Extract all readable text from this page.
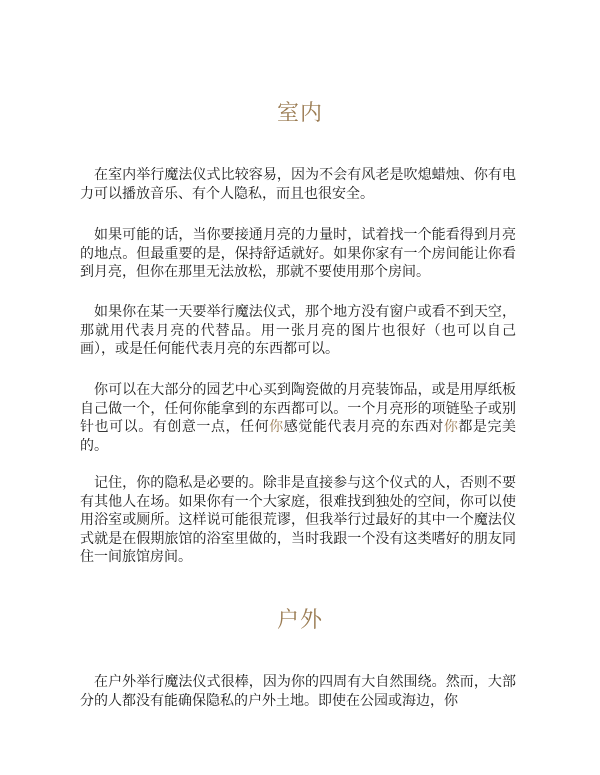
室内

在室内举行魔法仪式比较容易，因为不会有风老是吹熄蜡烛、你有电力可以播放音乐、有个人隐私，而且也很安全。

如果可能的话，当你要接通月亮的力量时，试着找一个能看得到月亮的地点。但最重要的是，保持舒适就好。如果你家有一个房间能让你看到月亮，但你在那里无法放松，那就不要使用那个房间。

如果你在某一天要举行魔法仪式，那个地方没有窗户或看不到天空，那就用代表月亮的代替品。用一张月亮的图片也很好（也可以自己画），或是任何能代表月亮的东西都可以。

你可以在大部分的园艺中心买到陶瓷做的月亮装饰品，或是用厚纸板自己做一个，任何你能拿到的东西都可以。一个月亮形的项链坠子或别针也可以。有创意一点，任何你感觉能代表月亮的东西对你都是完美的。

记住，你的隐私是必要的。除非是直接参与这个仪式的人，否则不要有其他人在场。如果你有一个大家庭，很难找到独处的空间，你可以使用浴室或厕所。这样说可能很荒谬，但我举行过最好的其中一个魔法仪式就是在假期旅馆的浴室里做的，当时我跟一个没有这类嗜好的朋友同住一间旅馆房间。

户外

在户外举行魔法仪式很棒，因为你的四周有大自然围绕。然而，大部分的人都没有能确保隐私的户外土地。即使在公园或海边，你
